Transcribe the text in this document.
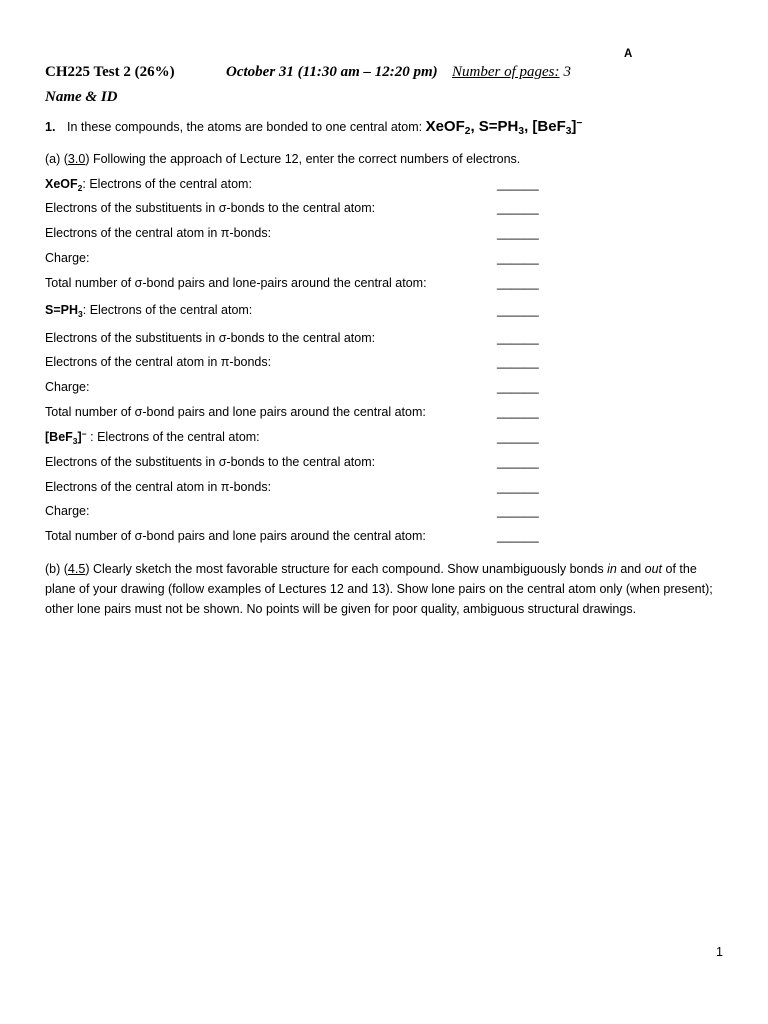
A
CH225 Test 2 (26%)	October 31 (11:30 am – 12:20 pm) Number of pages: 3
Name & ID
1. In these compounds, the atoms are bonded to one central atom: XeOF$_2$, $S=PH_3$, [BeF$_3$]−
(a) (3.0) Following the approach of Lecture 12, enter the correct numbers of electrons.
XeOF$_2$: Electrons of the central atom:	______
Electrons of the substituents in σ-bonds to the central atom:	______
Electrons of the central atom in π-bonds:	______
Charge:	______
Total number of σ-bond pairs and lone-pairs around the central atom:	______
$S=PH_3$: Electrons of the central atom:	______
Electrons of the substituents in σ-bonds to the central atom:	______
Electrons of the central atom in π-bonds:	______
Charge:	______
Total number of σ-bond pairs and lone pairs around the central atom:	______
[BeF$_3$]− : Electrons of the central atom:	______
Electrons of the substituents in σ-bonds to the central atom:	______
Electrons of the central atom in π-bonds:	______
Charge:	______
Total number of σ-bond pairs and lone pairs around the central atom:	______
(b) (4.5) Clearly sketch the most favorable structure for each compound. Show unambiguously bonds in and out of the
plane of your drawing (follow examples of Lectures 12 and 13). Show lone pairs on the central atom only (when present);
other lone pairs must not be shown. No points will be given for poor quality, ambiguous structural drawings.
1
